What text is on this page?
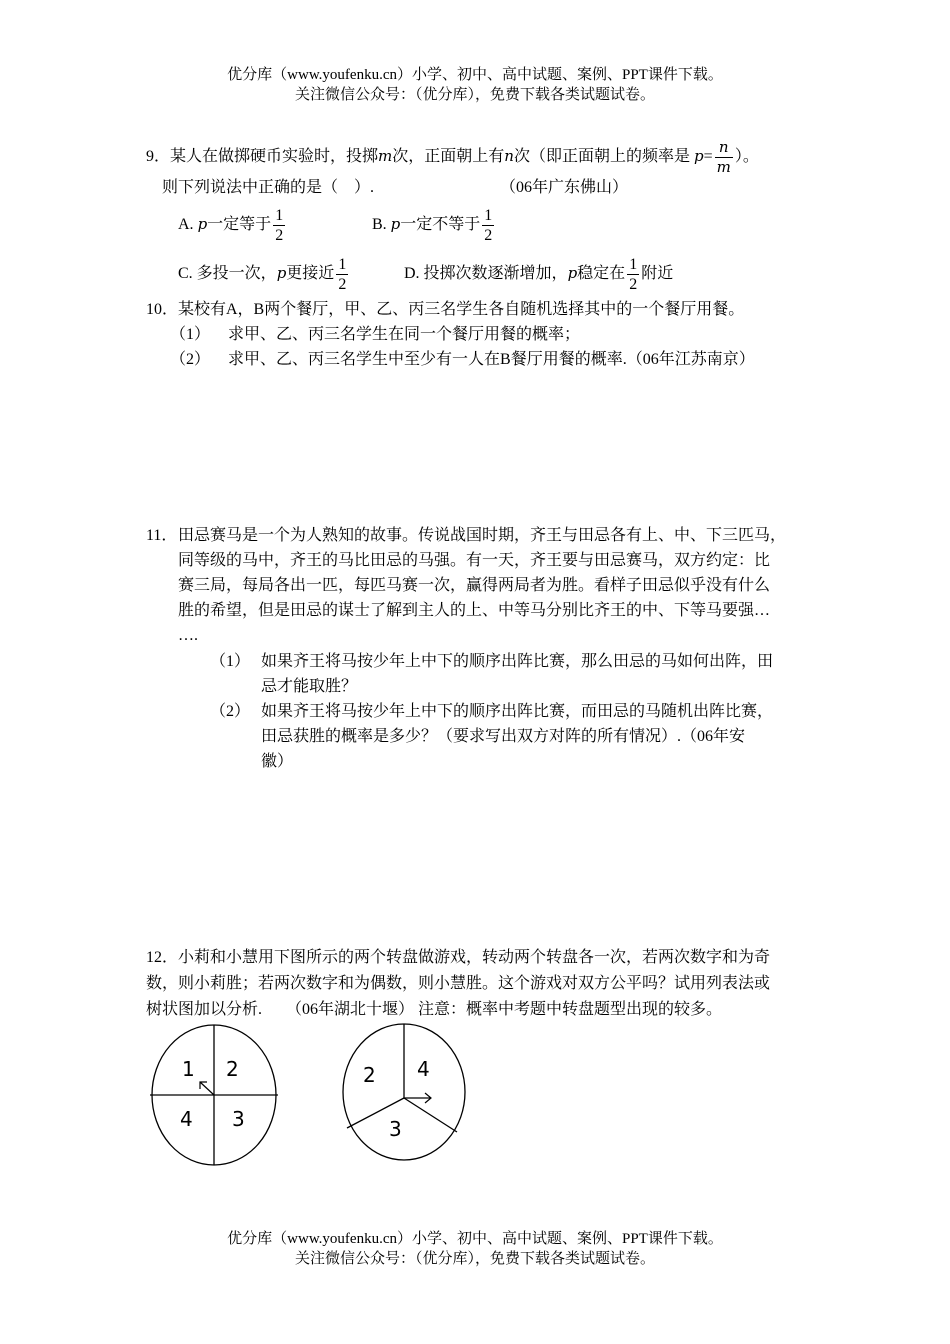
优分库（www.youfenku.cn）小学、初中、高中试题、案例、PPT课件下载。
关注微信公众号：（优分库），免费下载各类试题试卷。
9．某人在做掷硬币实验时，投掷m次，正面朝上有n次（即正面朝上的频率是 $p= \frac{n}{m}$ ）。
则下列说法中正确的是（　）.	（06年广东佛山）
A. p一定等于 $\frac{1}{2}$	B. p一定不等于 $\frac{1}{2}$
C. 多投一次，p更接近 $\frac{1}{2}$	D. 投掷次数逐渐增加，p稳定在 $\frac{1}{2}$ 附近
10．某校有A，B两个餐厅，甲、乙、丙三名学生各自随机选择其中的一个餐厅用餐。
（1） 求甲、乙、丙三名学生在同一个餐厅用餐的概率；
（2） 求甲、乙、丙三名学生中至少有一人在B餐厅用餐的概率.（06年江苏南京）
11． 田忌赛马是一个为人熟知的故事。传说战国时期，齐王与田忌各有上、中、下三匹马，
同等级的马中，齐王的马比田忌的马强。有一天，齐王要与田忌赛马，双方约定：比
赛三局，每局各出一匹，每匹马赛一次，赢得两局者为胜。看样子田忌似乎没有什么
胜的希望，但是田忌的谋士了解到主人的上、中等马分别比齐王的中、下等马要强…
….
（1） 如果齐王将马按少年上中下的顺序出阵比赛，那么田忌的马如何出阵，田
忌才能取胜？
（2） 如果齐王将马按少年上中下的顺序出阵比赛，而田忌的马随机出阵比赛，
田忌获胜的概率是多少？（要求写出双方对阵的所有情况）.（06年安
徽）
12．小莉和小慧用下图所示的两个转盘做游戏，转动两个转盘各一次，若两次数字和为奇
数，则小莉胜；若两次数字和为偶数，则小慧胜。这个游戏对双方公平吗？试用列表法或
树状图加以分析.　　（06年湖北十堰） 注意：概率中考题中转盘题型出现的较多。
1 2
4 3
2 4
3
优分库（www.youfenku.cn）小学、初中、高中试题、案例、PPT课件下载。
关注微信公众号：（优分库），免费下载各类试题试卷。
